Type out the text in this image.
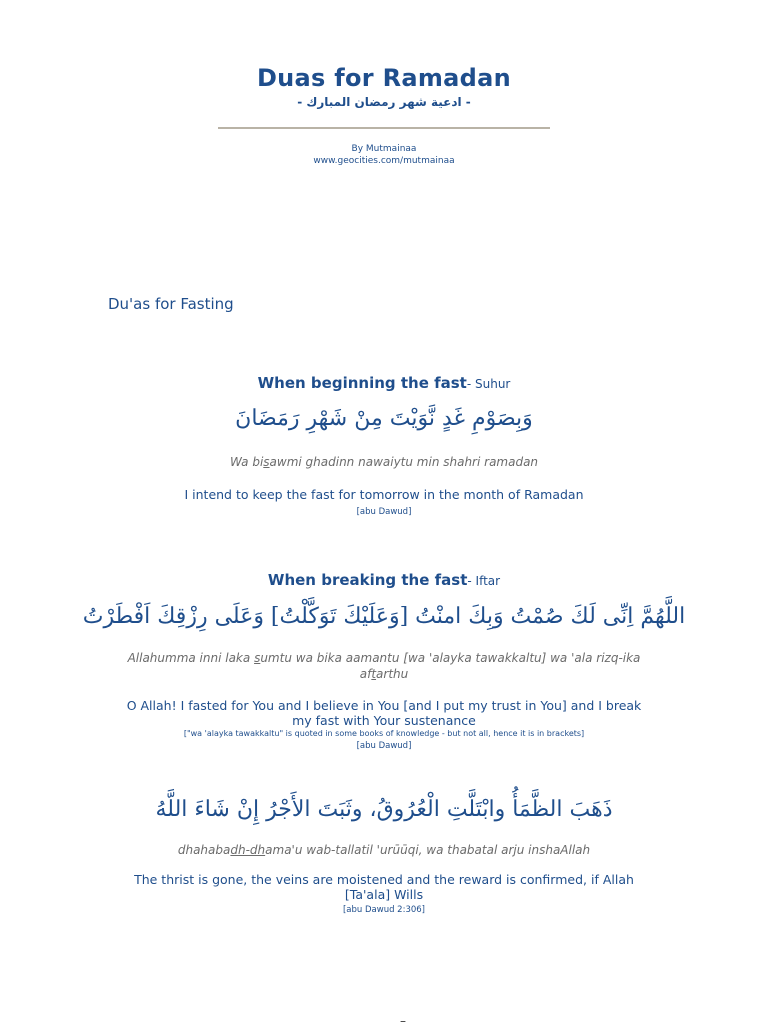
Duas for Ramadan
- ادعية شهر رمضان المبارك -
By Mutmainaa
www.geocities.com/mutmainaa
Du'as for Fasting
When beginning the fast- Suhur
وَبِصَوْمِ غَدٍ نَّوَيْتَ مِنْ شَهْرِ رَمَضَانَ
Wa bisawmi ghadinn nawaiytu min shahri ramadan
I intend to keep the fast for tomorrow in the month of Ramadan
[abu Dawud]
When breaking the fast- Iftar
اللَّهُمَّ اِنِّى لَكَ صُمْتُ وَبِكَ امنْتُ [وَعَلَيْكَ تَوَكَّلْتُ] وَعَلَى رِزْقِكَ اَفْطَرْتُ
Allahumma inni laka sumtu wa bika aamantu [wa 'alayka tawakkaltu] wa 'ala rizq-ika aftarthu
O Allah! I fasted for You and I believe in You [and I put my trust in You] and I break my fast with Your sustenance
["wa 'alayka tawakkaltu" is quoted in some books of knowledge - but not all, hence it is in brackets]
[abu Dawud]
ذَهَبَ الظَّمَأُ وابْتَلَّتِ الْعُرُوقُ، وثَبَتَ الأَجْرُ إِنْ شَاءَ اللَّهُ
dhahabadh-dhama'u wab-tallatil 'urūūqi, wa thabatal arju inshaAllah
The thrist is gone, the veins are moistened and the reward is confirmed, if Allah [Ta'ala] Wills
[abu Dawud 2:306]
–
